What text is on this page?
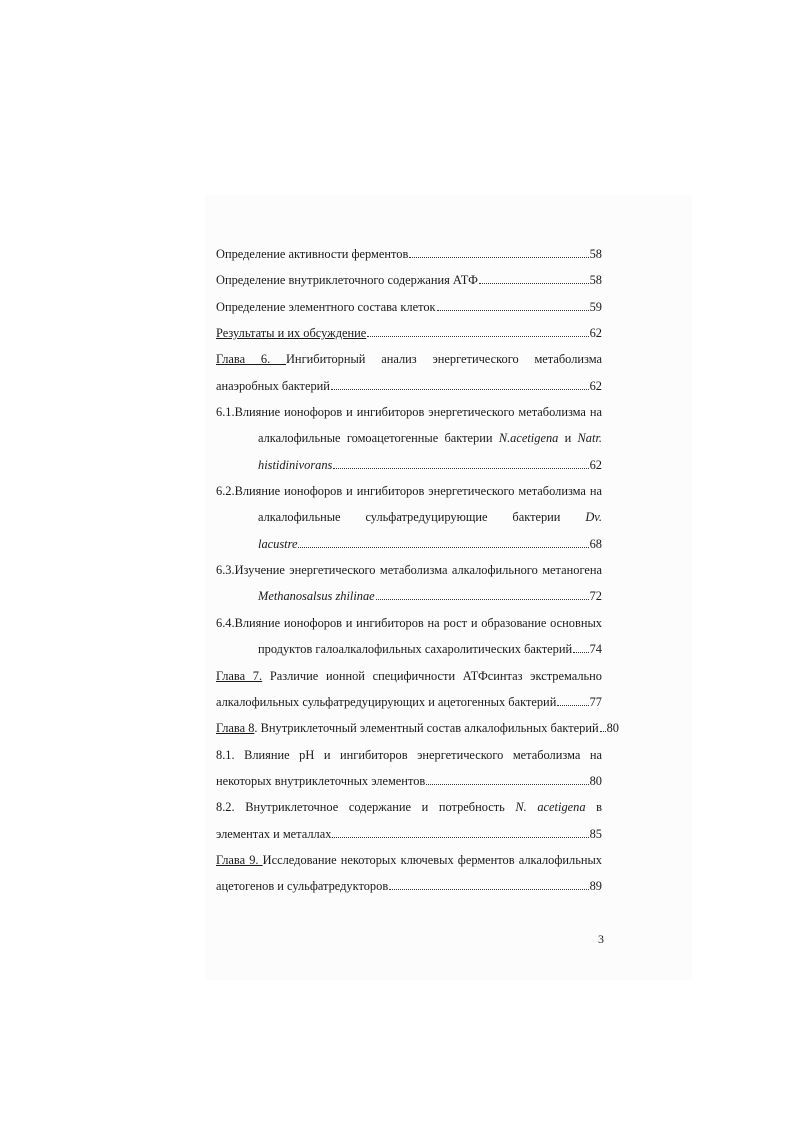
Определение активности ферментов	58
Определение внутриклеточного содержания АТФ	58
Определение элементного состава клеток	59
Результаты и их обсуждение	62
Глава 6. Ингибиторный анализ энергетического метаболизма
анаэробных бактерий	62
6.1.Влияние ионофоров и ингибиторов энергетического метаболизма на
алкалофильные гомоацетогенные бактерии N.acetigena и Natr.
histidinivorans	62
6.2.Влияние ионофоров и ингибиторов энергетического метаболизма на
алкалофильные сульфатредуцирующие бактерии Dv.
lacustre	68
6.3.Изучение энергетического метаболизма алкалофильного метаногена
Methanosalsus zhilinae	72
6.4.Влияние ионофоров и ингибиторов на рост и образование основных
продуктов галоалкалофильных сахаролитических бактерий 74
Глава 7. Различие ионной специфичности АТФсинтаз экстремально
алкалофильных сульфатредуцирующих и ацетогенных бактерий	77
Глава 8. Внутриклеточный элементный состав алкалофильных бактерий 80
8.1. Влияние pH и ингибиторов энергетического метаболизма на
некоторых внутриклеточных элементов	80
8.2. Внутриклеточное содержание и потребность N. acetigena в
элементах и металлах	85
Глава 9. Исследование некоторых ключевых ферментов алкалофильных
ацетогенов и сульфатредукторов	89
3
